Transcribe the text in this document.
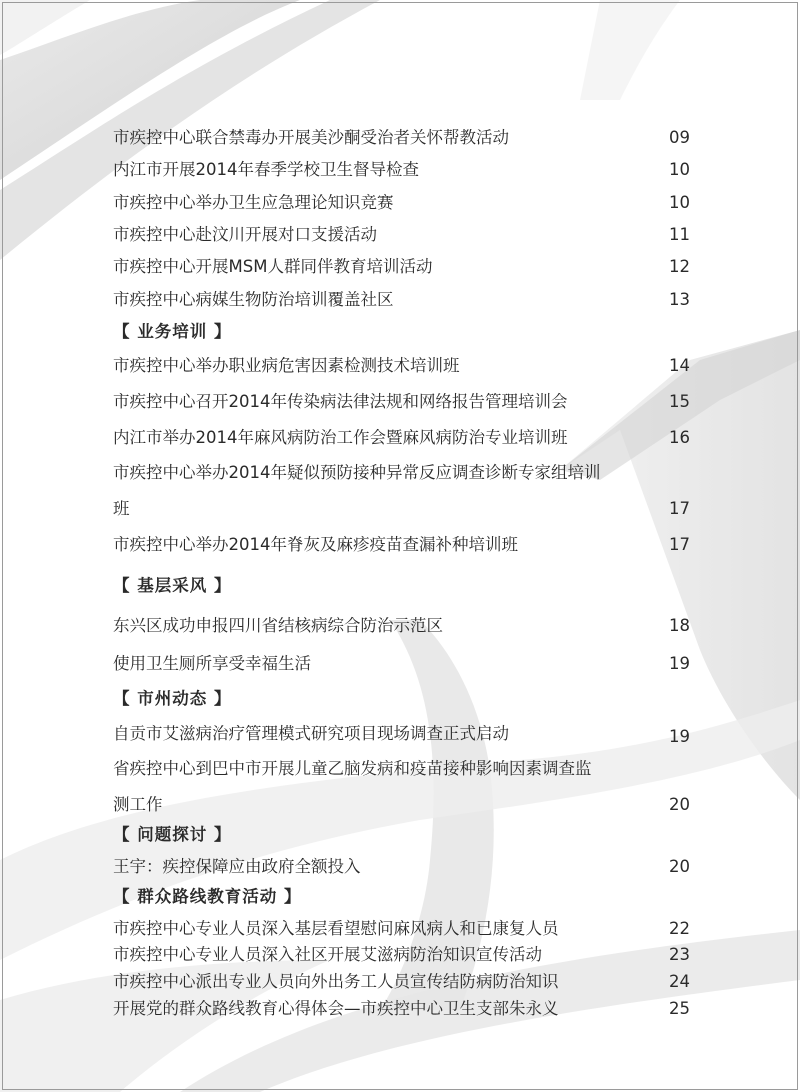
市疾控中心联合禁毒办开展美沙酮受治者关怀帮教活动	09
内江市开展2014年春季学校卫生督导检查	10
市疾控中心举办卫生应急理论知识竞赛	10
市疾控中心赴汶川开展对口支援活动	11
市疾控中心开展MSM人群同伴教育培训活动	12
市疾控中心病媒生物防治培训覆盖社区	13
【 业务培训 】
市疾控中心举办职业病危害因素检测技术培训班	14
市疾控中心召开2014年传染病法律法规和网络报告管理培训会	15
内江市举办2014年麻风病防治工作会暨麻风病防治专业培训班	16
市疾控中心举办2014年疑似预防接种异常反应调查诊断专家组培训
班	17
市疾控中心举办2014年脊灰及麻疹疫苗查漏补种培训班	17
【 基层采风 】
东兴区成功申报四川省结核病综合防治示范区	18
使用卫生厕所享受幸福生活	19
【 市州动态 】
自贡市艾滋病治疗管理模式研究项目现场调查正式启动	19
省疾控中心到巴中市开展儿童乙脑发病和疫苗接种影响因素调查监
测工作	20
【 问题探讨 】
王宇：疾控保障应由政府全额投入	20
【 群众路线教育活动 】
市疾控中心专业人员深入基层看望慰问麻风病人和已康复人员	22
市疾控中心专业人员深入社区开展艾滋病防治知识宣传活动	23
市疾控中心派出专业人员向外出务工人员宣传结防病防治知识	24
开展党的群众路线教育心得体会—市疾控中心卫生支部朱永义	25
